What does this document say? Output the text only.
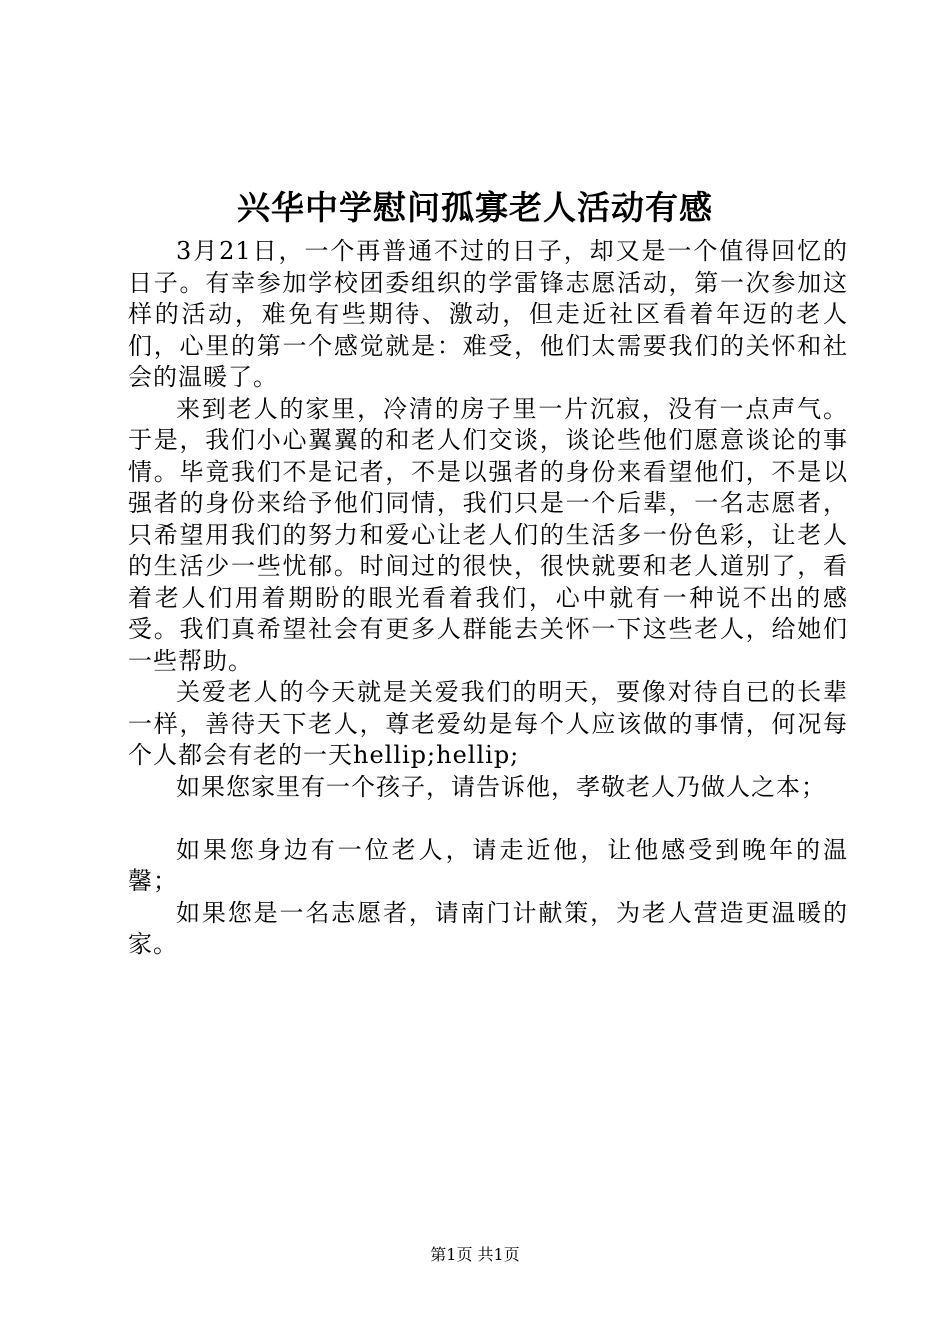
兴华中学慰问孤寡老人活动有感

3月21日，一个再普通不过的日子，却又是一个值得回忆的日子。有幸参加学校团委组织的学雷锋志愿活动，第一次参加这样的活动，难免有些期待、激动，但走近社区看着年迈的老人们，心里的第一个感觉就是：难受，他们太需要我们的关怀和社会的温暖了。

来到老人的家里，冷清的房子里一片沉寂，没有一点声气。于是，我们小心翼翼的和老人们交谈，谈论些他们愿意谈论的事情。毕竟我们不是记者，不是以强者的身份来看望他们，不是以强者的身份来给予他们同情，我们只是一个后辈，一名志愿者，只希望用我们的努力和爱心让老人们的生活多一份色彩，让老人的生活少一些忧郁。时间过的很快，很快就要和老人道别了，看着老人们用着期盼的眼光看着我们，心中就有一种说不出的感受。我们真希望社会有更多人群能去关怀一下这些老人，给她们一些帮助。

关爱老人的今天就是关爱我们的明天，要像对待自已的长辈一样，善待天下老人，尊老爱幼是每个人应该做的事情，何况每个人都会有老的一天hellip;hellip;

如果您家里有一个孩子，请告诉他，孝敬老人乃做人之本；

如果您身边有一位老人，请走近他，让他感受到晚年的温馨；

如果您是一名志愿者，请南门计献策，为老人营造更温暖的家。

第1页 共1页
